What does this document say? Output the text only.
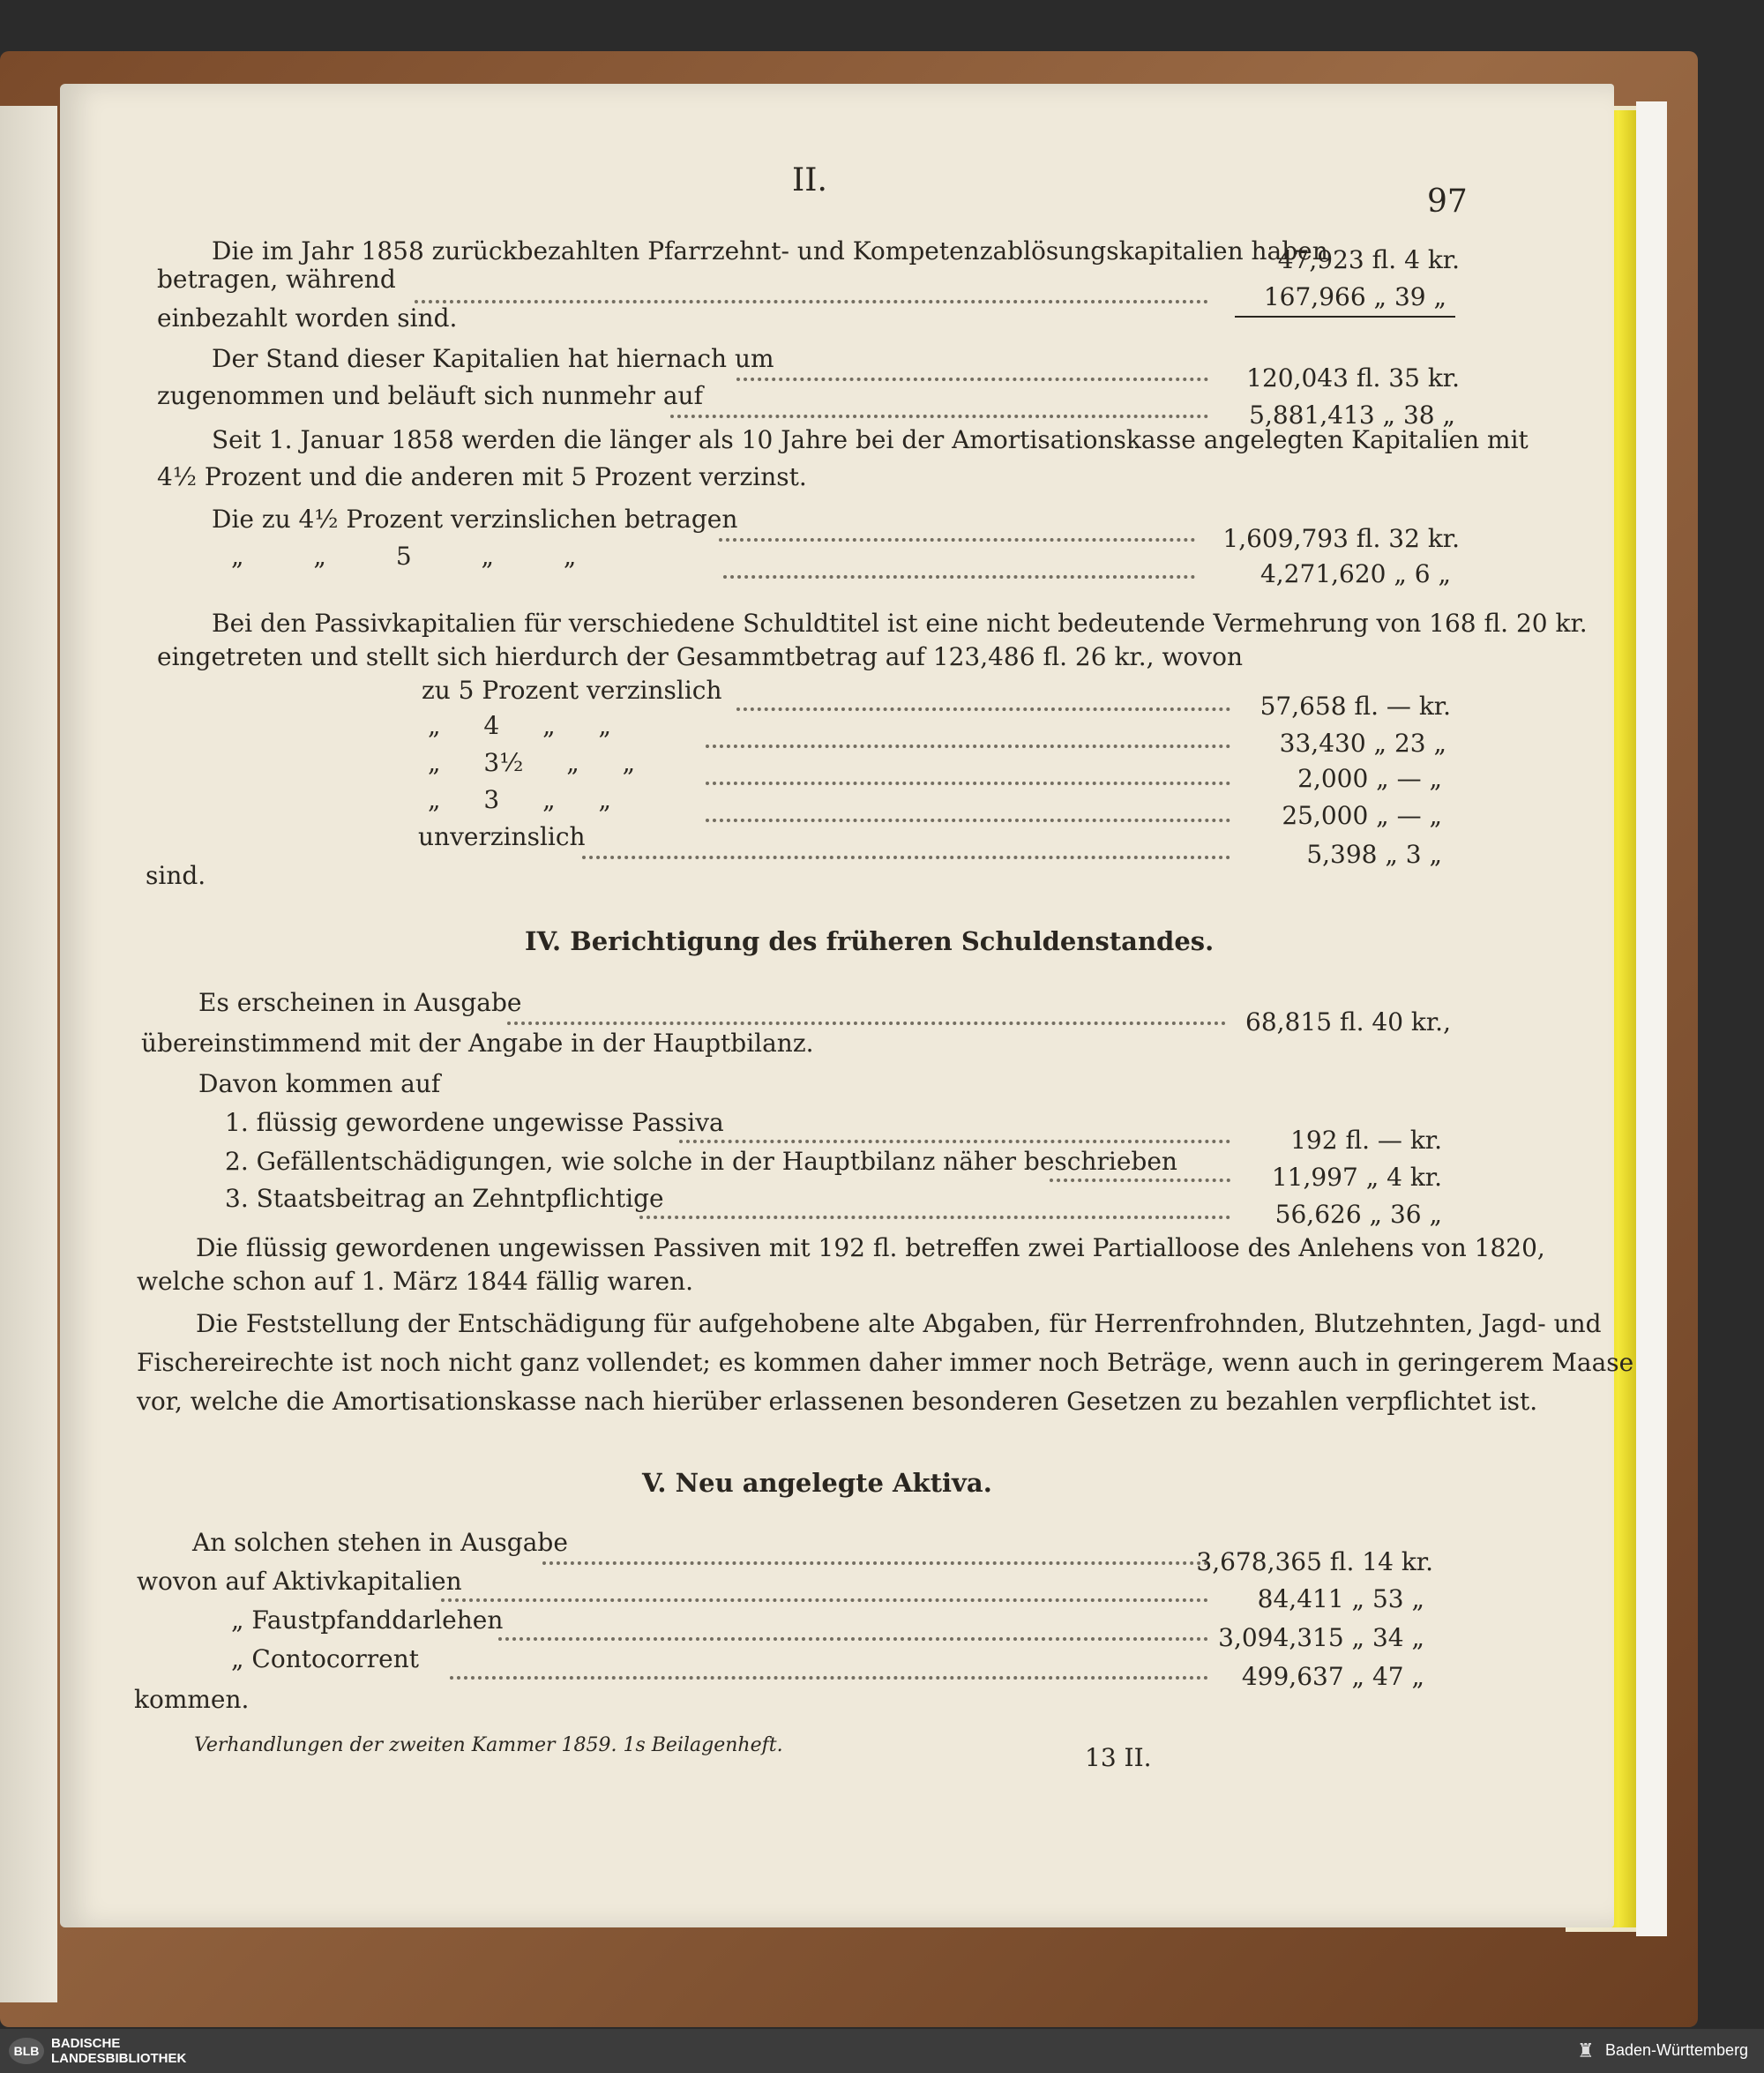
II.
97
Die im Jahr 1858 zurückbezahlten Pfarrzehnt- und Kompetenzablösungskapitalien haben
47,923 fl. 4 kr.
betragen, während
167,966 „ 39 „
einbezahlt worden sind.
Der Stand dieser Kapitalien hat hiernach um
120,043 fl. 35 kr.
zugenommen und beläuft sich nunmehr auf
5,881,413 „ 38 „
Seit 1. Januar 1858 werden die länger als 10 Jahre bei der Amortisationskasse angelegten Kapitalien mit
4½ Prozent und die anderen mit 5 Prozent verzinst.
Die zu 4½ Prozent verzinslichen betragen
1,609,793 fl. 32 kr.
„ „ 5 „ „
4,271,620 „ 6 „
Bei den Passivkapitalien für verschiedene Schuldtitel ist eine nicht bedeutende Vermehrung von 168 fl. 20 kr.
eingetreten und stellt sich hierdurch der Gesammtbetrag auf 123,486 fl. 26 kr., wovon
zu 5 Prozent verzinslich
57,658 fl. — kr.
„ 4 „ „
33,430 „ 23 „
„ 3½ „ „
2,000 „ — „
„ 3 „ „
25,000 „ — „
unverzinslich
5,398 „ 3 „
sind.
IV. Berichtigung des früheren Schuldenstandes.
Es erscheinen in Ausgabe
68,815 fl. 40 kr.,
übereinstimmend mit der Angabe in der Hauptbilanz.
Davon kommen auf
1. flüssig gewordene ungewisse Passiva
192 fl. — kr.
2. Gefällentschädigungen, wie solche in der Hauptbilanz näher beschrieben
11,997 „ 4 kr.
3. Staatsbeitrag an Zehntpflichtige
56,626 „ 36 „
Die flüssig gewordenen ungewissen Passiven mit 192 fl. betreffen zwei Partialloose des Anlehens von 1820,
welche schon auf 1. März 1844 fällig waren.
Die Feststellung der Entschädigung für aufgehobene alte Abgaben, für Herrenfrohnden, Blutzehnten, Jagd- und
Fischereirechte ist noch nicht ganz vollendet; es kommen daher immer noch Beträge, wenn auch in geringerem Maase
vor, welche die Amortisationskasse nach hierüber erlassenen besonderen Gesetzen zu bezahlen verpflichtet ist.
V. Neu angelegte Aktiva.
An solchen stehen in Ausgabe
3,678,365 fl. 14 kr.
wovon auf Aktivkapitalien
84,411 „ 53 „
„ Faustpfanddarlehen
3,094,315 „ 34 „
„ Contocorrent
499,637 „ 47 „
kommen.
Verhandlungen der zweiten Kammer 1859. 1s Beilagenheft.	13 II.
BLB BADISCHE
LANDESBIBLIOTHEK	♜ Baden-Württemberg
